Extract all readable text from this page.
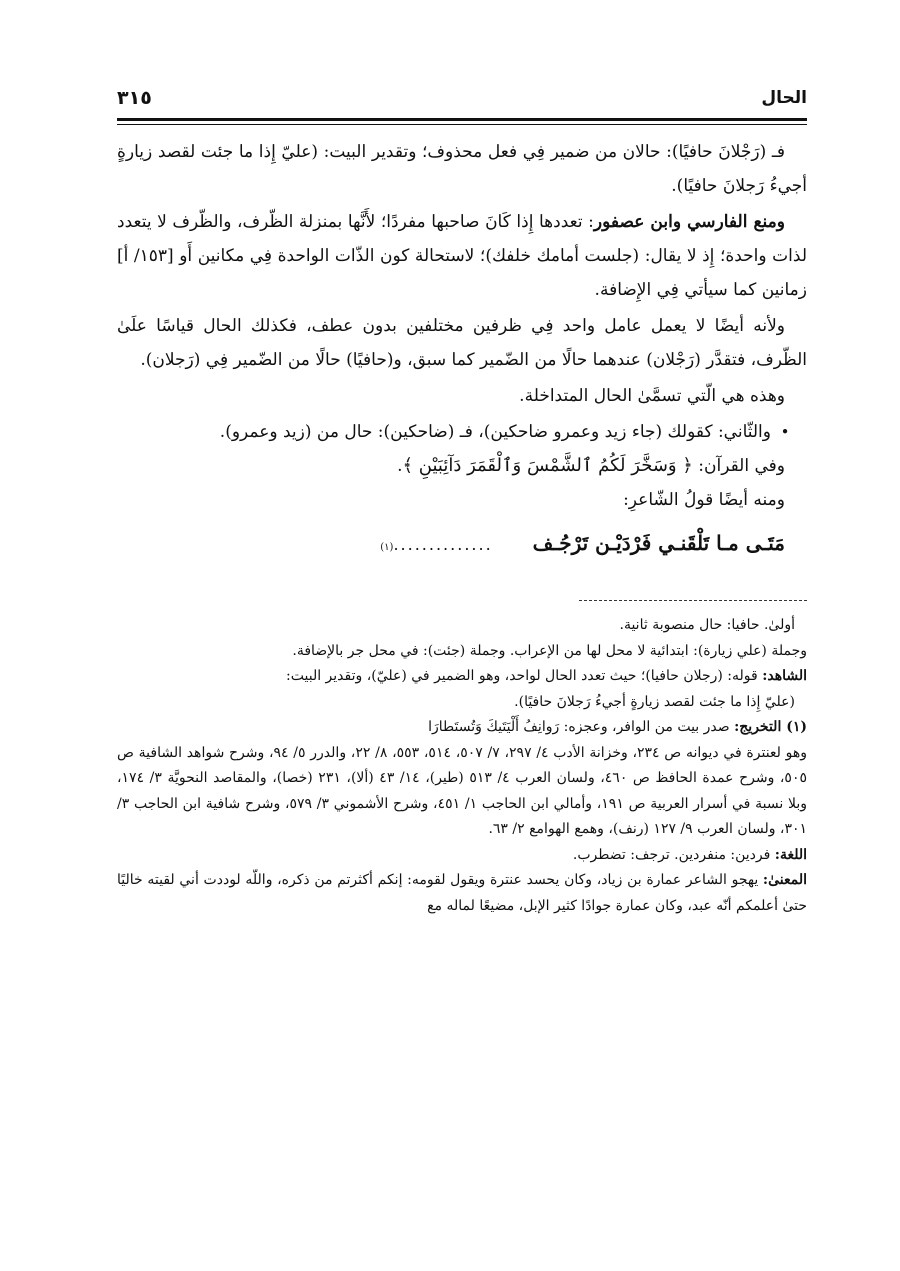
الحال
٣١٥

فـ (رَجْلانَ حافيًا): حالان من ضمير فِي فعل محذوف؛ وتقدير البيت: (عليّ إِذا ما جئت لقصد زيارةٍ أجيءُ رَجلانَ حافيًا).

ومنع الفارسي وابن عصفور: تعددها إِذا كَانَ صاحبها مفردًا؛ لأَنَّها بمنزلة الظّرف، والظّرف لا يتعدد لذات واحدة؛ إِذ لا يقال: (جلست أمامك خلفك)؛ لاستحالة كون الذّات الواحدة فِي مكانين أَو [١٥٣/ أ] زمانين كما سيأتي فِي الإِضافة.

ولأنه أيضًا لا يعمل عامل واحد فِي ظرفين مختلفين بدون عطف، فكذلك الحال قياسًا علَىٰ الظّرف، فتقدَّر (رَجْلان) عندهما حالًا من الضّمير كما سبق، و(حافيًا) حالًا من الضّمير فِي (رَجلان).

وهذه هي الّتي تسمَّىٰ الحال المتداخلة.

•
والثّاني: كقولك (جاء زيد وعمرو ضاحكين)، فـ (ضاحكين): حال من (زيد وعمرو).
وفي القرآن: ﴿ وَسَخَّرَ لَكُمُ ٱلشَّمْسَ وَٱلْقَمَرَ دَآئِبَيْنِ ﴾.
ومنه أيضًا قولُ الشّاعرِ:
مَتَـى مـا تَلْقَنـي فَرْدَيْـن تَرْجُـف
..............
(١)

أولىٰ. حافيا: حال منصوبة ثانية.

وجملة (علي زيارة): ابتدائية لا محل لها من الإعراب. وجملة (جئت): في محل جر بالإضافة.

الشاهد: قوله: (رجلان حافيا)؛ حيث تعدد الحال لواحد، وهو الضمير في (عليّ)، وتقدير البيت:

(عليّ إِذا ما جئت لقصد زيارةٍ أجيءُ رَجلانَ حافيًا).

(١) التخريج: صدر بيت من الوافر، وعجزه: رَوانِفُ أَلْيَتَيكَ وَتُستَطارَا

وهو لعنترة في ديوانه ص ٢٣٤، وخزانة الأدب ٤/ ٢٩٧، ٧/ ٥٠٧، ٥١٤، ٥٥٣، ٨/ ٢٢، والدرر ٥/ ٩٤، وشرح شواهد الشافية ص ٥٠٥، وشرح عمدة الحافظ ص ٤٦٠، ولسان العرب ٤/ ٥١٣ (طير)، ١٤/ ٤٣ (ألا)، ٢٣١ (خصا)، والمقاصد النحويَّة ٣/ ١٧٤، وبلا نسبة في أسرار العربية ص ١٩١، وأمالي ابن الحاجب ١/ ٤٥١، وشرح الأشموني ٣/ ٥٧٩، وشرح شافية ابن الحاجب ٣/ ٣٠١، ولسان العرب ٩/ ١٢٧ (رنف)، وهمع الهوامع ٢/ ٦٣.

اللغة: فردين: منفردين. ترجف: تضطرب.

المعنىٰ: يهجو الشاعر عمارة بن زياد، وكان يحسد عنترة ويقول لقومه: إنكم أكثرتم من ذكره، واللّه لوددت أني لقيته خاليًا حتىٰ أعلمكم أنّه عبد، وكان عمارة جوادًا كثير الإبل، مضيعًا لماله مع
